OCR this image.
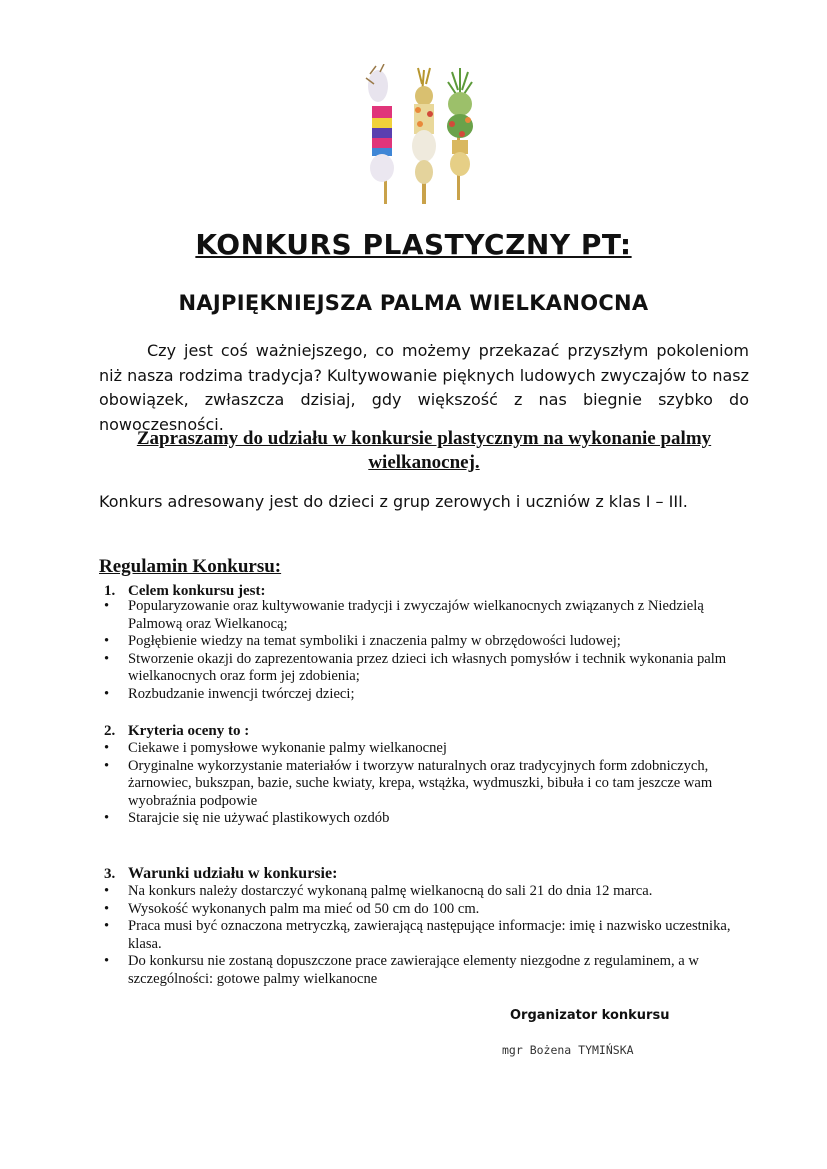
KONKURS PLASTYCZNY PT:
NAJPIĘKNIEJSZA PALMA WIELKANOCNA
Czy jest coś ważniejszego, co możemy przekazać przyszłym pokoleniom niż nasza rodzima tradycja? Kultywowanie pięknych ludowych zwyczajów to nasz obowiązek, zwłaszcza dzisiaj, gdy większość z nas biegnie szybko do nowoczesności.
Zapraszamy do udziału w konkursie plastycznym na wykonanie palmy wielkanocnej.
Konkurs adresowany jest do dzieci z grup zerowych i uczniów z klas I – III.
Regulamin Konkursu:
1. Celem konkursu jest:
• Popularyzowanie oraz kultywowanie tradycji i zwyczajów wielkanocnych związanych z Niedzielą Palmową oraz Wielkanocą;
• Pogłębienie wiedzy na temat symboliki i znaczenia palmy w obrzędowości ludowej;
• Stworzenie okazji do zaprezentowania przez dzieci ich własnych pomysłów i technik wykonania palm wielkanocnych oraz form jej zdobienia;
• Rozbudzanie inwencji twórczej dzieci;
2. Kryteria oceny to :
• Ciekawe i pomysłowe wykonanie palmy wielkanocnej
• Oryginalne wykorzystanie materiałów i tworzyw naturalnych oraz tradycyjnych form zdobniczych, żarnowiec, bukszpan, bazie, suche kwiaty, krepa, wstążka, wydmuszki, bibuła i co tam jeszcze wam wyobraźnia podpowie
• Starajcie się nie używać plastikowych ozdób
3. Warunki udziału w konkursie:
• Na konkurs należy dostarczyć wykonaną palmę wielkanocną do sali 21 do dnia 12 marca.
• Wysokość wykonanych palm ma mieć od 50 cm do 100 cm.
• Praca musi być oznaczona metryczką, zawierającą następujące informacje: imię i nazwisko uczestnika, klasa.
• Do konkursu nie zostaną dopuszczone prace zawierające elementy niezgodne z regulaminem, a w szczególności: gotowe palmy wielkanocne
Organizator konkursu
mgr Bożena TYMIŃSKA
